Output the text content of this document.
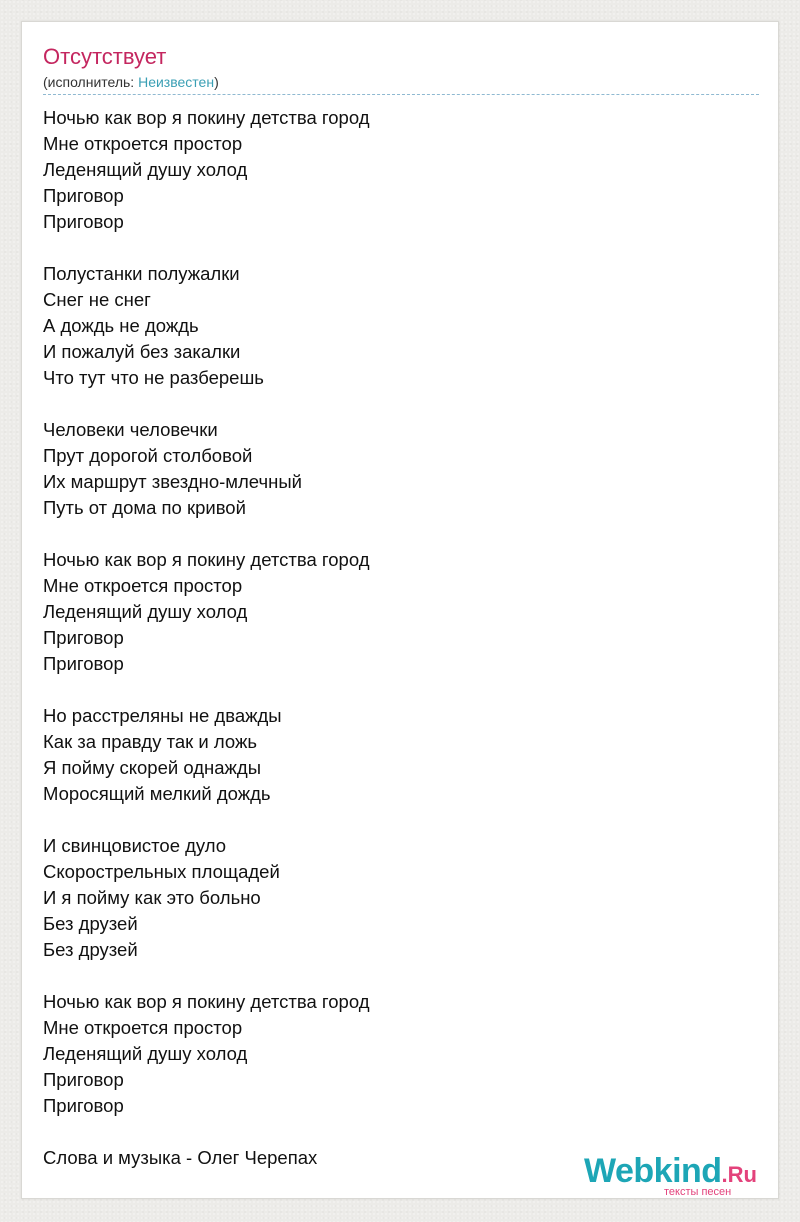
Отсутствует
(исполнитель: Неизвестен)
Ночью как вор я покину детства город
Мне откроется простор
Леденящий душу холод
Приговор
Приговор
Полустанки полужалки
Снег не снег
А дождь не дождь
И пожалуй без закалки
Что тут что не разберешь
Человеки человечки
Прут дорогой столбовой
Их маршрут звездно-млечный
Путь от дома по кривой
Ночью как вор я покину детства город
Мне откроется простор
Леденящий душу холод
Приговор
Приговор
Но расстреляны не дважды
Как за правду так и ложь
Я пойму скорей однажды
Моросящий мелкий дождь
И свинцовистое дуло
Скорострельных площадей
И я пойму как это больно
Без друзей
Без друзей
Ночью как вор я покину детства город
Мне откроется простор
Леденящий душу холод
Приговор
Приговор
Слова и музыка - Олег Черепах	Webkind.Ru
тексты песен
